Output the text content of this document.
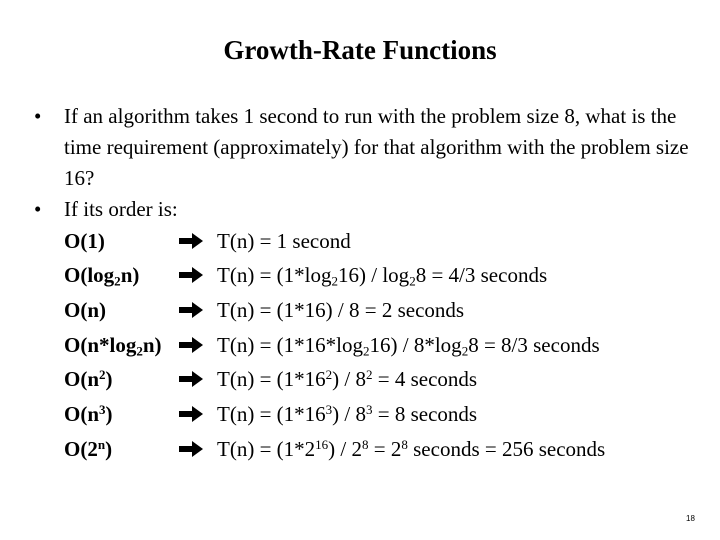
Growth-Rate Functions
•	If an algorithm takes 1 second to run with the problem size 8, what is the time requirement (approximately) for that algorithm with the problem size 16?
•	If its order is:
O(1)	T(n) = 1 second
$O(\log_2n)$	$T(n) = (1*\log_216) / \log_28 = 4/3$ seconds
O(n)	T(n) = (1*16) / 8 = 2 seconds
$O(n*\log_2n)$	$T(n) = (1*16*\log_216) / 8*\log_28 = 8/3$ seconds
$O(n^2)$	$T(n) = (1*16^2) / 8^2 = 4$ seconds
$O(n^3)$	$T(n) = (1*16^3) / 8^3 = 8$ seconds
O(2$^n$)	$T(n) = (1*2^{16}) / 2^8 = 2^8$ seconds = 256 seconds
18
